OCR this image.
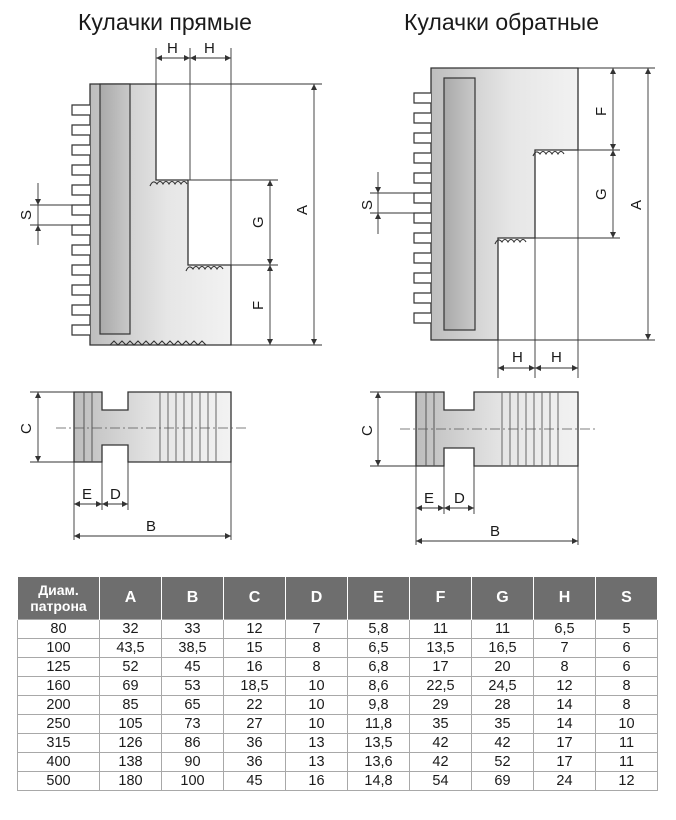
Кулачки прямые	Кулачки обратные
H H
A
G
F
S
F
G
A
H H
S
C
E D
B
C
E D
B
Диам. патрона	A	B	C	D	E	F	G	H	S
80	32	33	12	7	5,8	11	11	6,5	5
100	43,5	38,5	15	8	6,5	13,5	16,5	7	6
125	52	45	16	8	6,8	17	20	8	6
160	69	53	18,5	10	8,6	22,5	24,5	12	8
200	85	65	22	10	9,8	29	28	14	8
250	105	73	27	10	11,8	35	35	14	10
315	126	86	36	13	13,5	42	42	17	11
400	138	90	36	13	13,6	42	52	17	11
500	180	100	45	16	14,8	54	69	24	12
